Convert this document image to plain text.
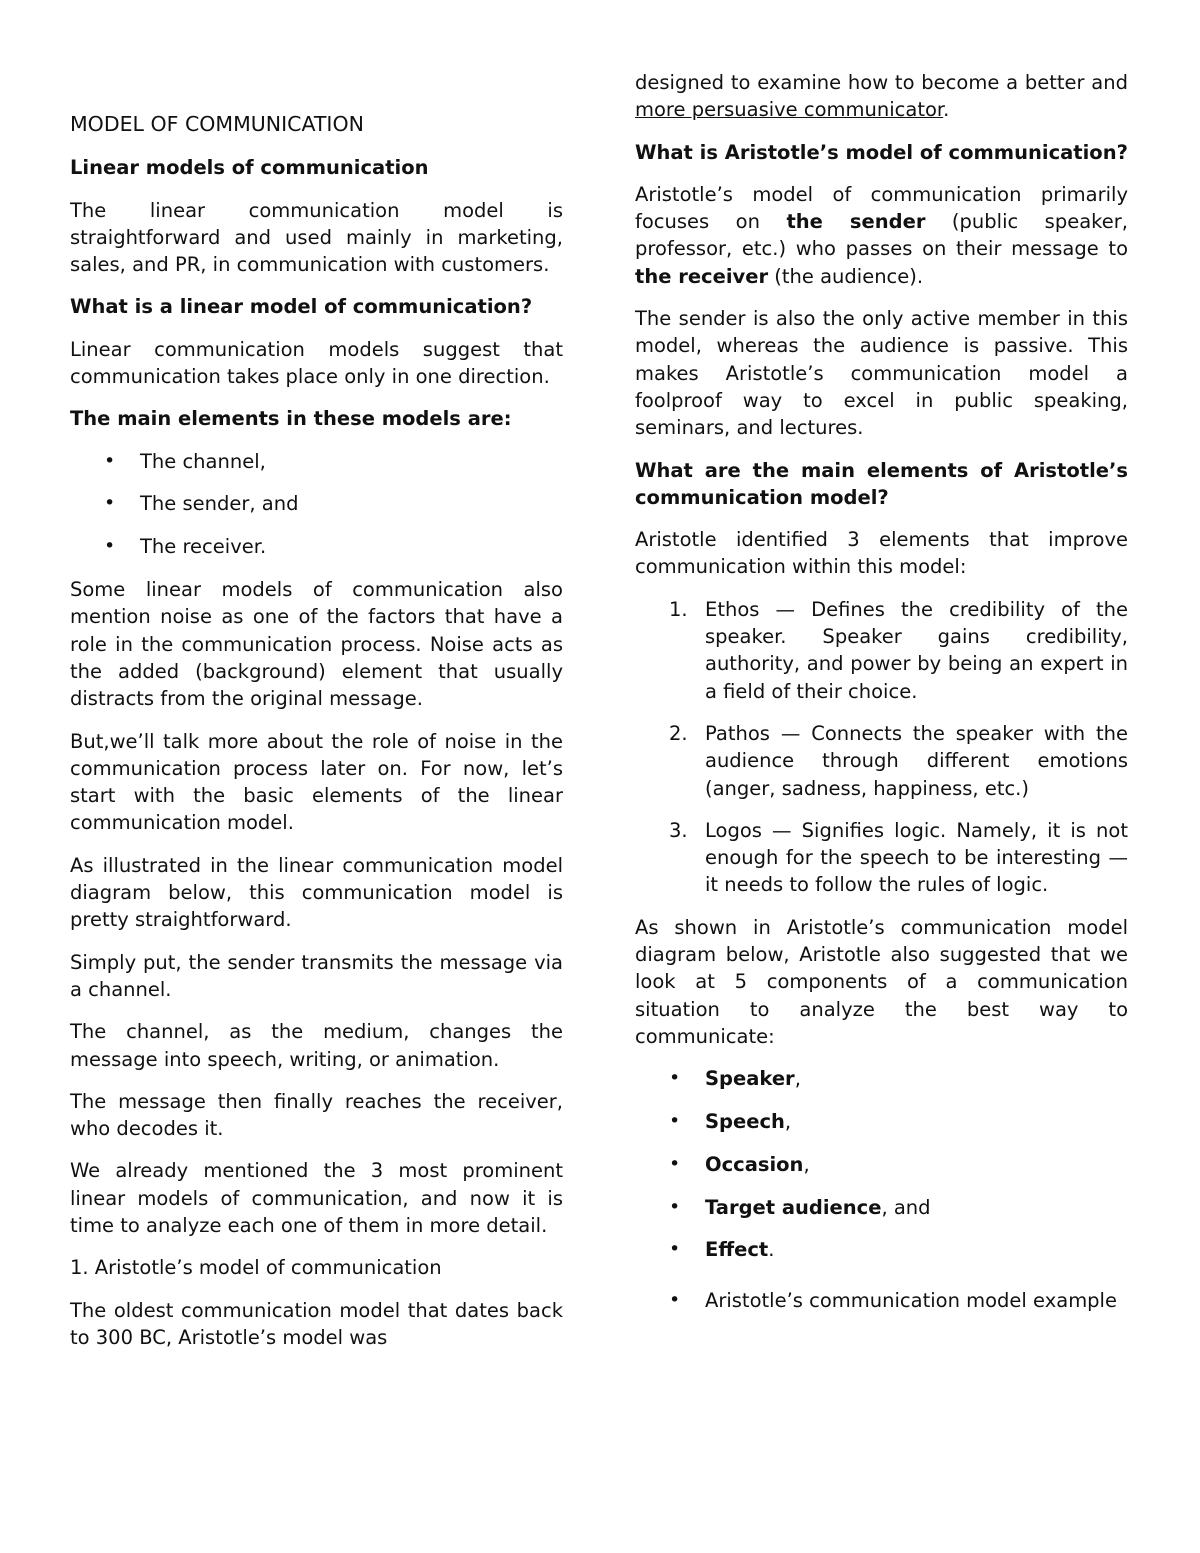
MODEL OF COMMUNICATION

Linear models of communication

The linear communication model is straightforward and used mainly in marketing, sales, and PR, in communication with customers.

What is a linear model of communication?

Linear communication models suggest that communication takes place only in one direction.

The main elements in these models are:

• The channel,
• The sender, and
• The receiver.

Some linear models of communication also mention noise as one of the factors that have a role in the communication process. Noise acts as the added (background) element that usually distracts from the original message.

But,we’ll talk more about the role of noise in the communication process later on. For now, let’s start with the basic elements of the linear communication model.

As illustrated in the linear communication model diagram below, this communication model is pretty straightforward.

Simply put, the sender transmits the message via a channel.

The channel, as the medium, changes the message into speech, writing, or animation.

The message then finally reaches the receiver, who decodes it.

We already mentioned the 3 most prominent linear models of communication, and now it is time to analyze each one of them in more detail.

1. Aristotle’s model of communication

The oldest communication model that dates back to 300 BC, Aristotle’s model was

designed to examine how to become a better and more persuasive communicator.

What is Aristotle’s model of communication?

Aristotle’s model of communication primarily focuses on the sender (public speaker, professor, etc.) who passes on their message to the receiver (the audience).

The sender is also the only active member in this model, whereas the audience is passive. This makes Aristotle’s communication model a foolproof way to excel in public speaking, seminars, and lectures.

What are the main elements of Aristotle’s communication model?

Aristotle identified 3 elements that improve communication within this model:

1. Ethos — Defines the credibility of the speaker. Speaker gains credibility, authority, and power by being an expert in a field of their choice.
2. Pathos — Connects the speaker with the audience through different emotions (anger, sadness, happiness, etc.)
3. Logos — Signifies logic. Namely, it is not enough for the speech to be interesting — it needs to follow the rules of logic.

As shown in Aristotle’s communication model diagram below, Aristotle also suggested that we look at 5 components of a communication situation to analyze the best way to communicate:

• Speaker,
• Speech,
• Occasion,
• Target audience, and
• Effect.
• Aristotle’s communication model example
